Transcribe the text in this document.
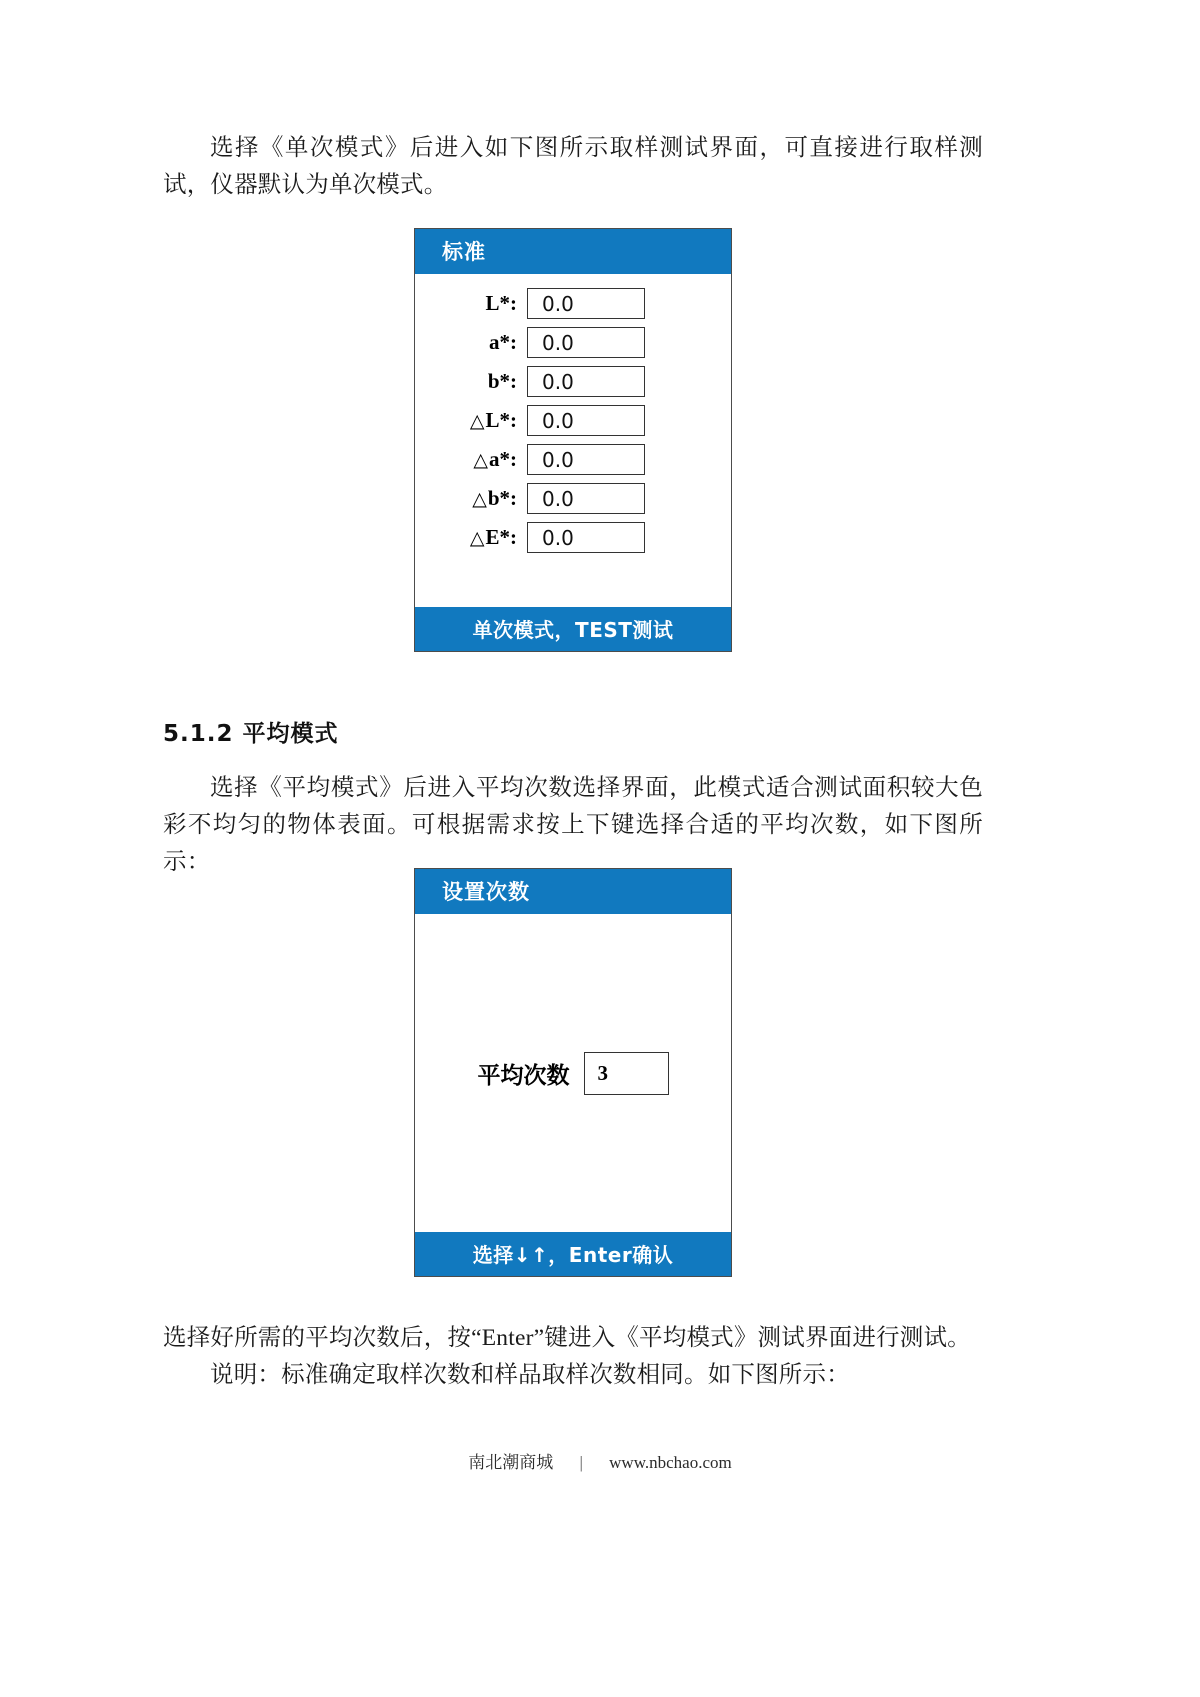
选择《单次模式》后进入如下图所示取样测试界面，可直接进行取样测试，仪器默认为单次模式。

标准
L*:	0.0
a*:	0.0
b*:	0.0
△L*:	0.0
△a*:	0.0
△b*:	0.0
△E*:	0.0
单次模式，TEST测试
5.1.2 平均模式

选择《平均模式》后进入平均次数选择界面，此模式适合测试面积较大色彩不均匀的物体表面。可根据需求按上下键选择合适的平均次数，如下图所示：

设置次数
平均次数	3
选择↓↑，Enter确认

选择好所需的平均次数后，按“Enter”键进入《平均模式》测试界面进行测试。

说明：标准确定取样次数和样品取样次数相同。如下图所示：

南北潮商城 | www.nbchao.com
